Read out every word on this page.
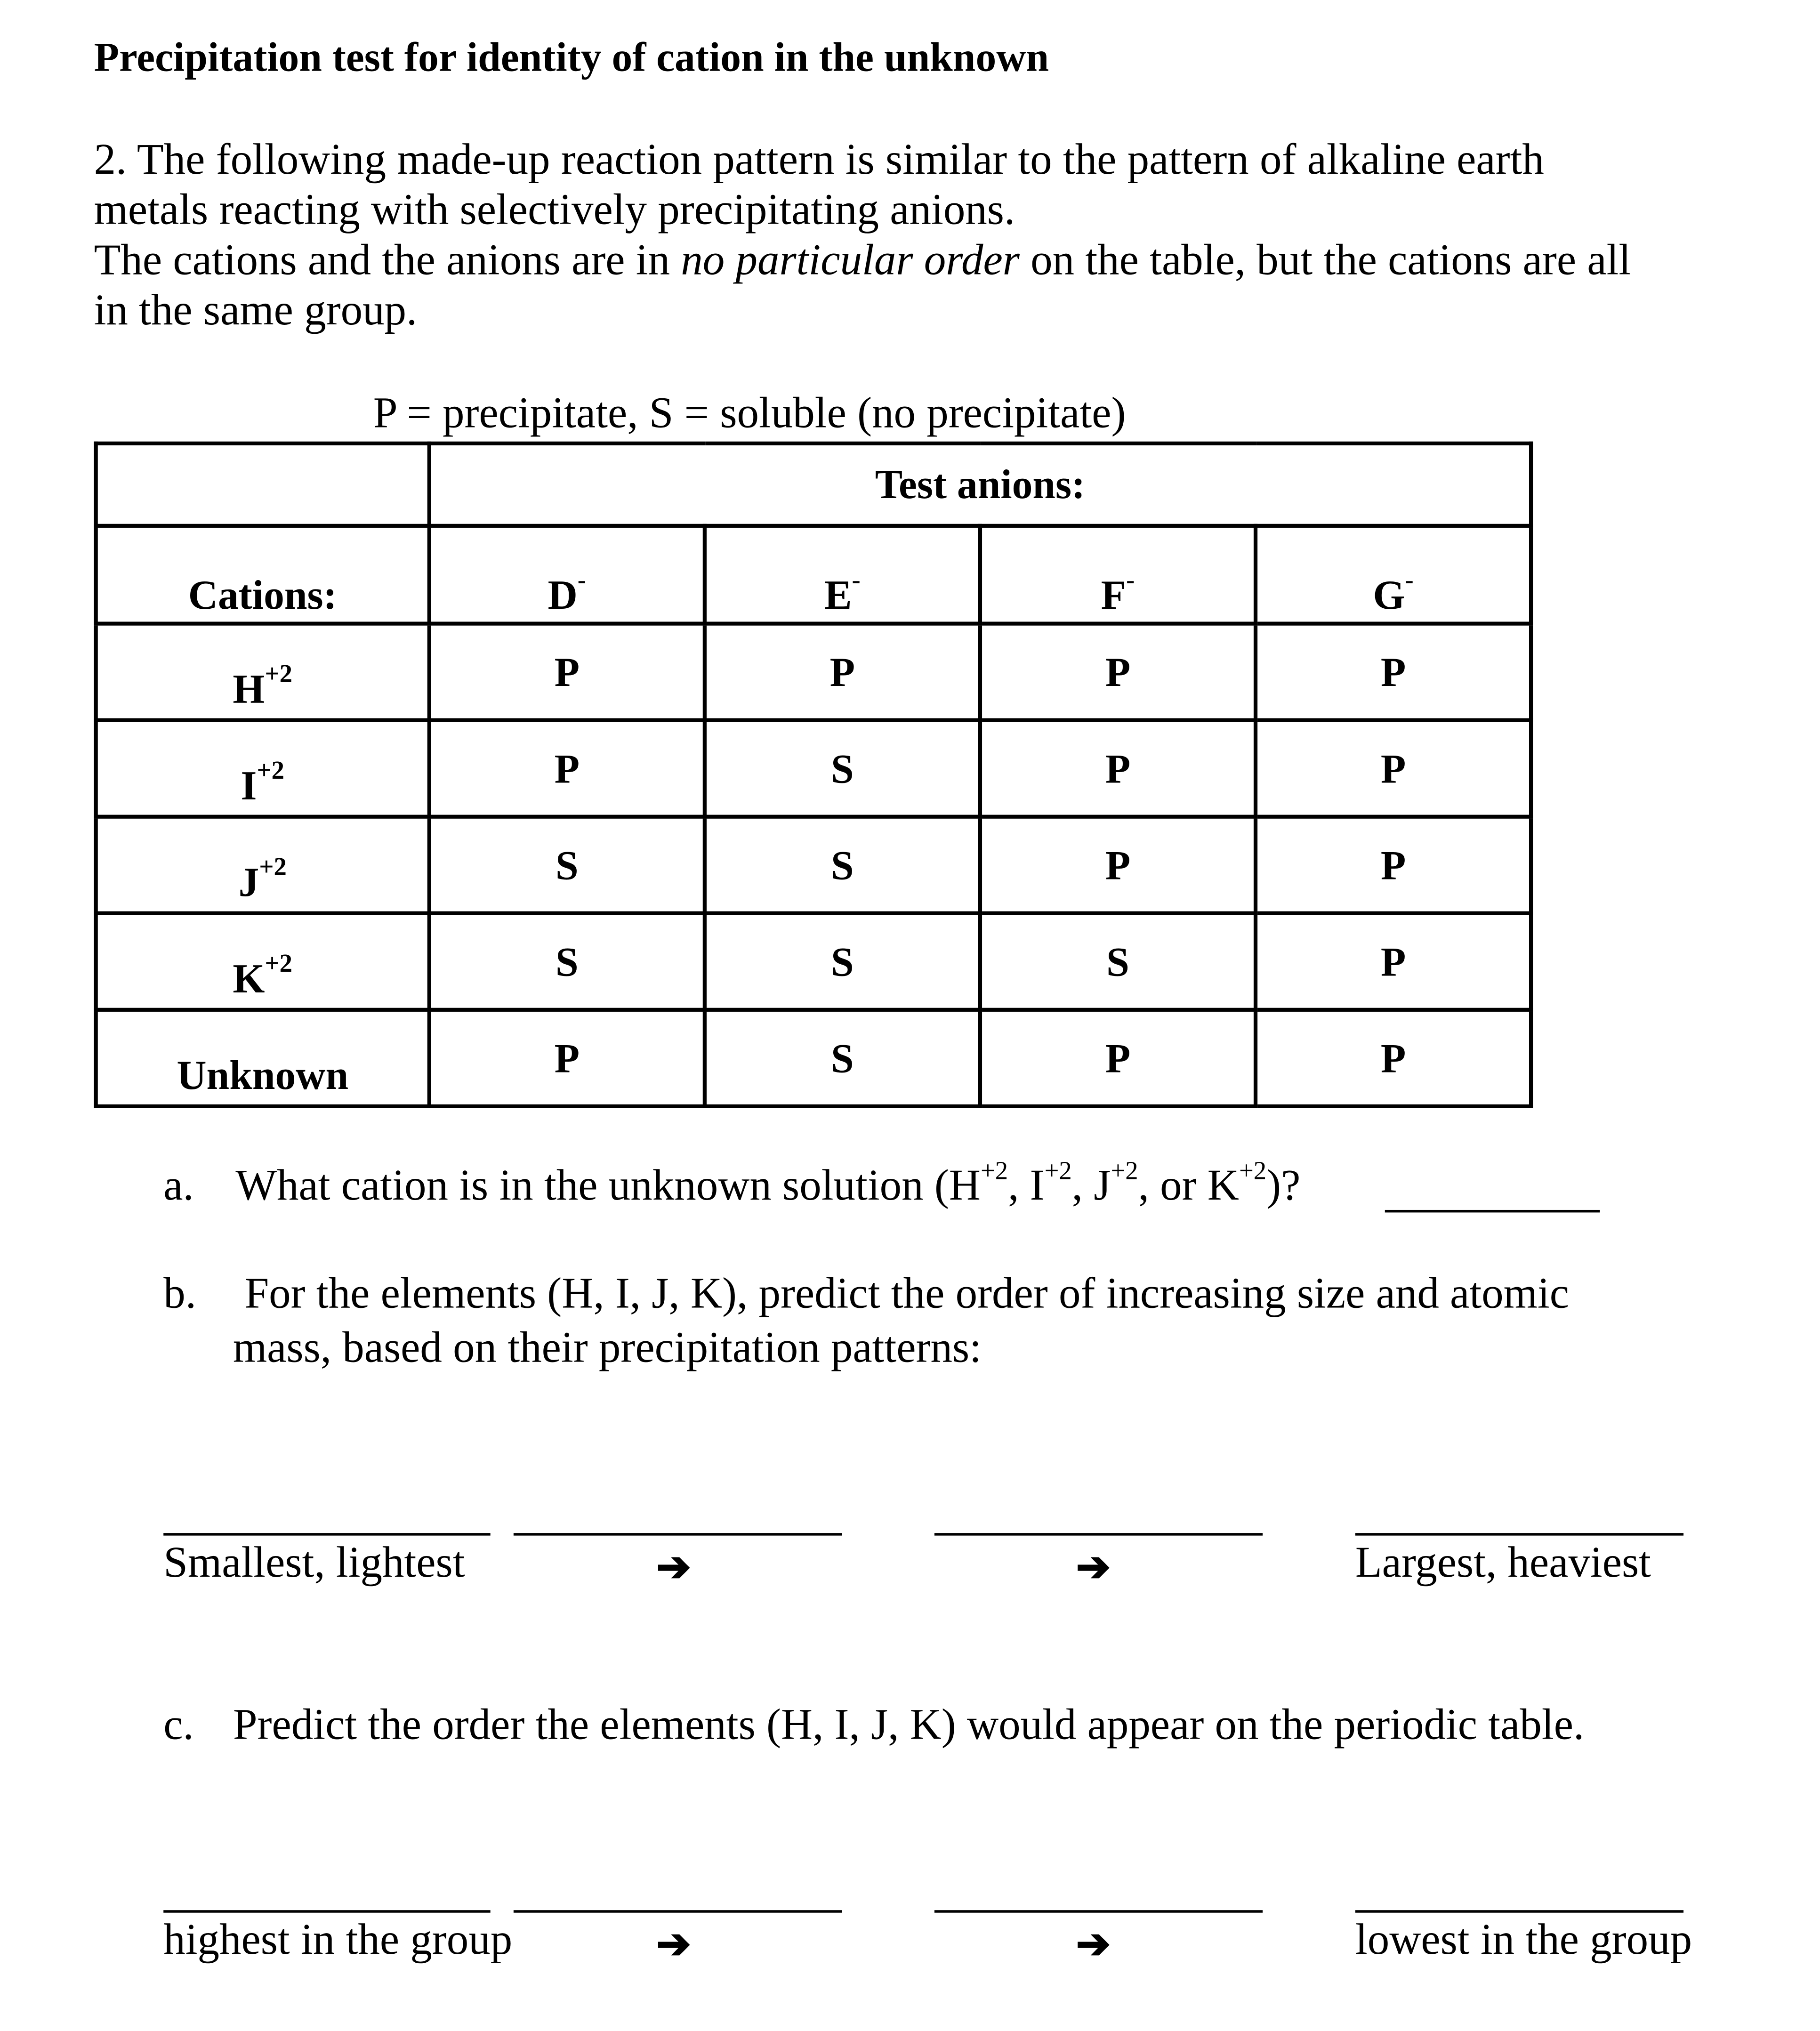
Precipitation test for identity of cation in the unknown
2. The following made-up reaction pattern is similar to the pattern of alkaline earth
metals reacting with selectively precipitating anions.
The cations and the anions are in no particular order on the table, but the cations are all
in the same group.
P = precipitate, S = soluble (no precipitate)
	Test anions:			
Cations:	D-	E-	F-	G-
$H^{+2}$	P	P	P	P
$I^{+2}$	P	S	P	P
$J^{+2}$	S	S	P	P
$K^{+2}$	S	S	S	P
Unknown	P	S	P	P
a.	What cation is in the unknown solution ($H^{+2}$, $I^{+2}$, $J^{+2}$, or $K^{+2}$)?
b.	For the elements (H, I, J, K), predict the order of increasing size and atomic
mass, based on their precipitation patterns:
Smallest, lightest	➔	➔	Largest, heaviest
c. Predict the order the elements (H, I, J, K) would appear on the periodic table.
highest in the group	➔	➔	lowest in the group
